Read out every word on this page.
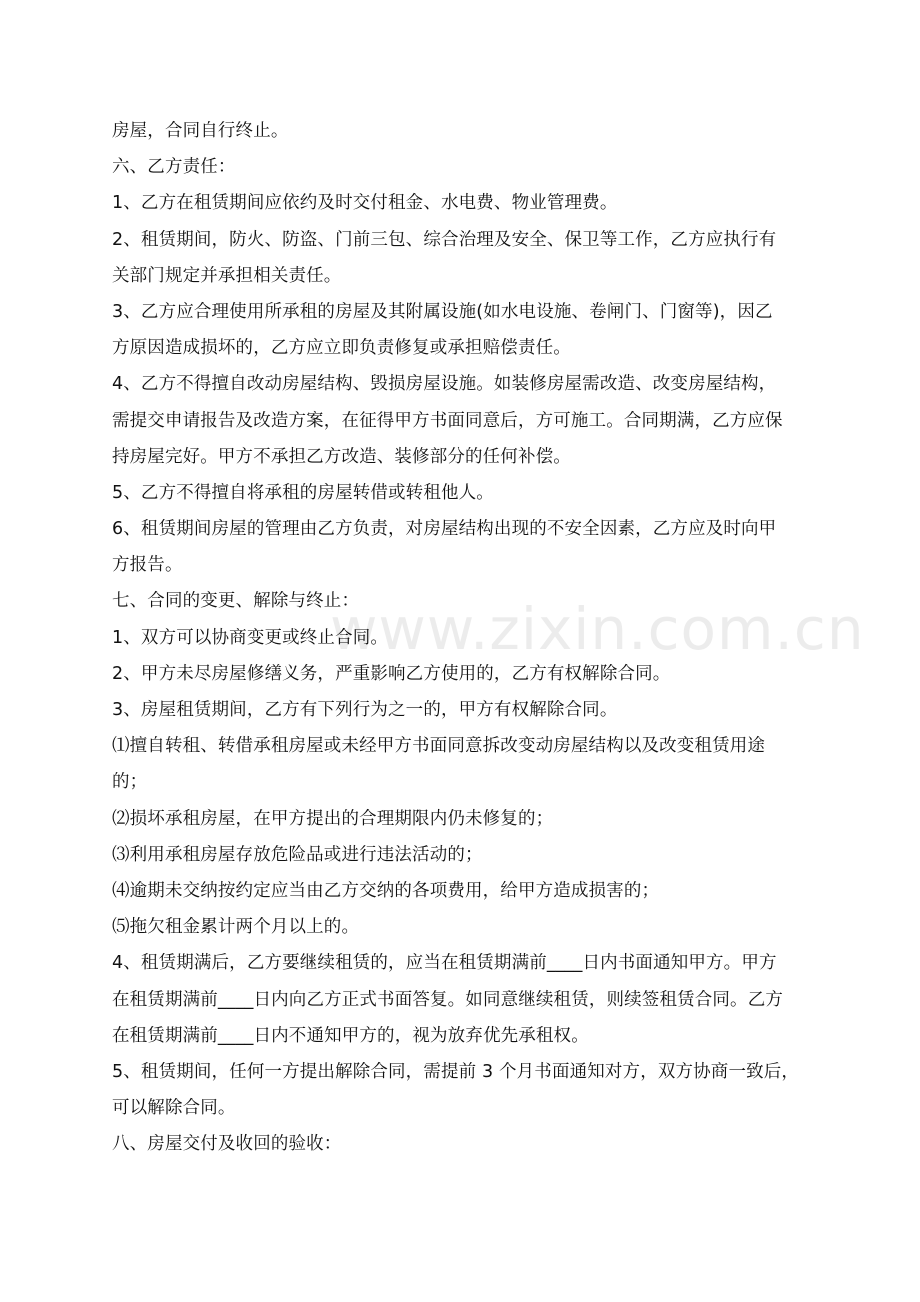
www.zixin.com.cn
房屋，合同自行终止。
六、乙方责任：
1、乙方在租赁期间应依约及时交付租金、水电费、物业管理费。
2、租赁期间，防火、防盗、门前三包、综合治理及安全、保卫等工作，乙方应执行有
关部门规定并承担相关责任。
3、乙方应合理使用所承租的房屋及其附属设施(如水电设施、卷闸门、门窗等)，因乙
方原因造成损坏的，乙方应立即负责修复或承担赔偿责任。
4、乙方不得擅自改动房屋结构、毁损房屋设施。如装修房屋需改造、改变房屋结构，
需提交申请报告及改造方案，在征得甲方书面同意后，方可施工。合同期满，乙方应保
持房屋完好。甲方不承担乙方改造、装修部分的任何补偿。
5、乙方不得擅自将承租的房屋转借或转租他人。
6、租赁期间房屋的管理由乙方负责，对房屋结构出现的不安全因素，乙方应及时向甲
方报告。
七、合同的变更、解除与终止：
1、双方可以协商变更或终止合同。
2、甲方未尽房屋修缮义务，严重影响乙方使用的，乙方有权解除合同。
3、房屋租赁期间，乙方有下列行为之一的，甲方有权解除合同。
⑴擅自转租、转借承租房屋或未经甲方书面同意拆改变动房屋结构以及改变租赁用途
的；
⑵损坏承租房屋，在甲方提出的合理期限内仍未修复的；
⑶利用承租房屋存放危险品或进行违法活动的；
⑷逾期未交纳按约定应当由乙方交纳的各项费用，给甲方造成损害的；
⑸拖欠租金累计两个月以上的。
4、租赁期满后，乙方要继续租赁的，应当在租赁期满前____日内书面通知甲方。甲方
在租赁期满前____日内向乙方正式书面答复。如同意继续租赁，则续签租赁合同。乙方
在租赁期满前____日内不通知甲方的，视为放弃优先承租权。
5、租赁期间，任何一方提出解除合同，需提前 3 个月书面通知对方，双方协商一致后，
可以解除合同。
八、房屋交付及收回的验收：
